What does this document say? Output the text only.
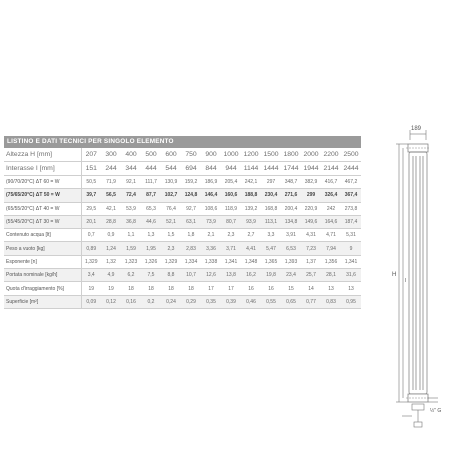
LISTINO E DATI TECNICI PER SINGOLO ELEMENTO
Altezza H [mm]	207	300	400	500	600	750	900	1000	1200	1500	1800	2000	2200	2500	
Interasse I [mm]	151	244	344	444	544	694	844	944	1144	1444	1744	1944	2144	2444	
(90/70/20°C) ΔT 60 = W	50,5	71,9	92,1	111,7	130,9	159,2	186,9	205,4	242,1	297	348,7	382,9	416,7	467,2	
(75/65/20°C) ΔT 50 = W	39,7	56,5	72,4	87,7	102,7	124,8	146,4	160,6	188,8	230,4	271,6	299	326,4	367,4	
(65/55/20°C) ΔT 40 = W	29,5	42,1	53,9	65,3	76,4	92,7	108,6	118,9	139,2	168,8	200,4	220,9	242	273,8	
(55/45/20°C) ΔT 30 = W	20,1	28,8	36,8	44,6	52,1	63,1	73,9	80,7	93,9	113,1	134,8	149,6	164,6	187,4	
Contenuto acqua [lt]	0,7	0,9	1,1	1,3	1,5	1,8	2,1	2,3	2,7	3,3	3,91	4,31	4,71	5,31	
Peso a vuoto [kg]	0,89	1,24	1,59	1,95	2,3	2,83	3,36	3,71	4,41	5,47	6,53	7,23	7,94	9	
Esponente [n]	1,329	1,32	1,323	1,326	1,329	1,334	1,338	1,341	1,348	1,365	1,393	1,37	1,356	1,341	
Portata nominale [kg/h]	3,4	4,9	6,2	7,5	8,8	10,7	12,6	13,8	16,2	19,8	23,4	25,7	28,1	31,6	
Quota d'irraggiamento [%]	19	19	18	18	18	18	17	17	16	16	15	14	13	13	
Superficie [m²]	0,09	0,12	0,16	0,2	0,24	0,29	0,35	0,39	0,46	0,55	0,65	0,77	0,83	0,95	
189
H
I
½" G
